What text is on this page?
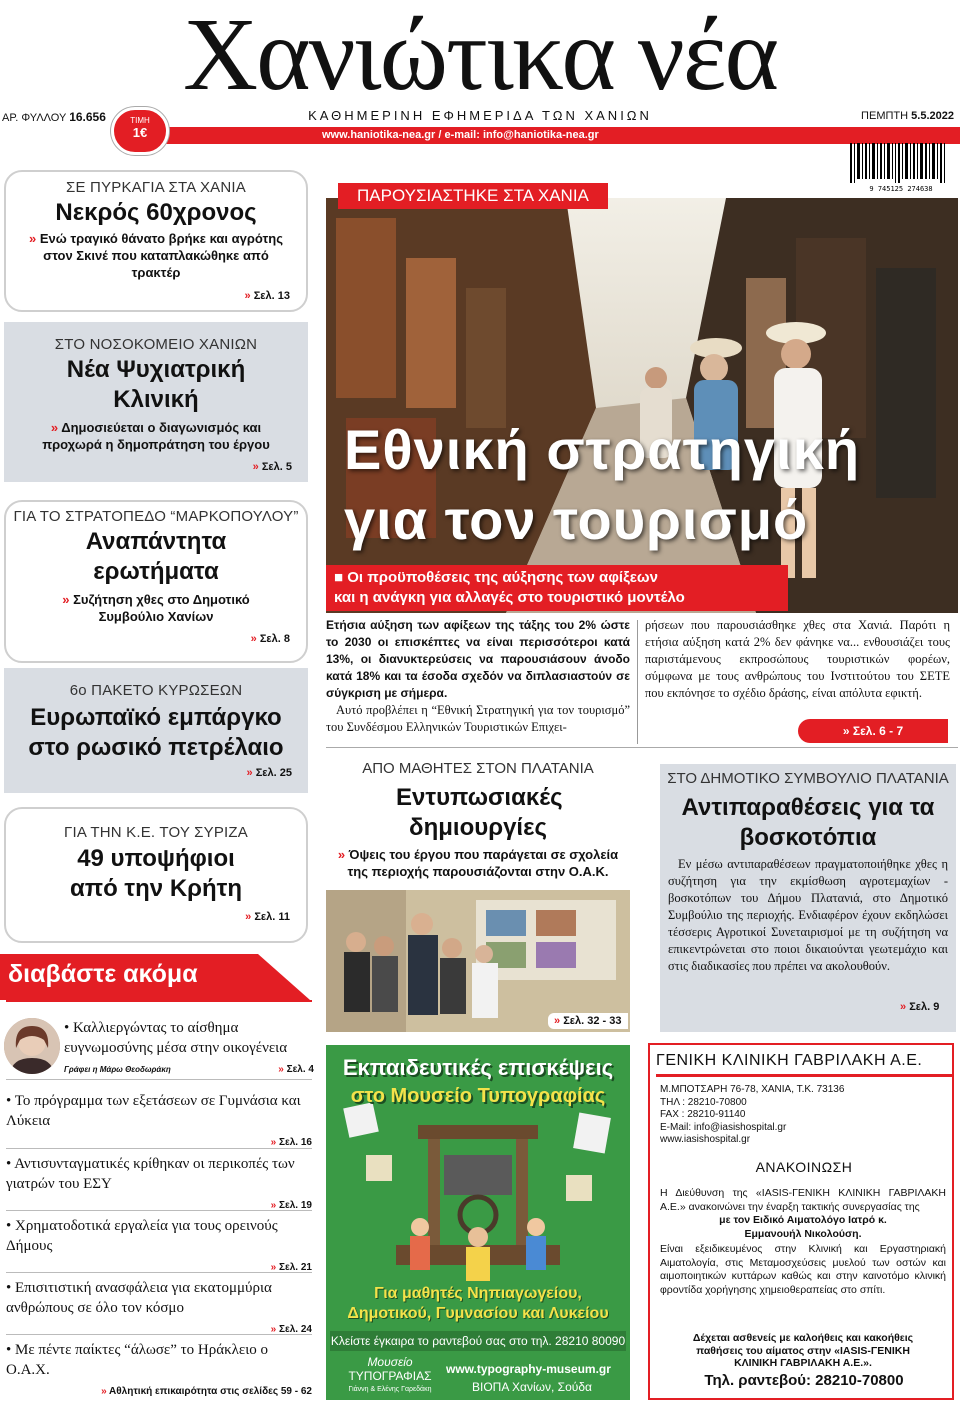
Χανιώτικα νέα
ΑΡ. ΦΥΛΛΟΥ 16.656	ΚΑΘΗΜΕΡΙΝΗ ΕΦΗΜΕΡΙΔΑ ΤΩΝ ΧΑΝΙΩΝ	ΠΕΜΠΤΗ 5.5.2022
www.haniotika-nea.gr / e-mail: info@haniotika-nea.gr
ΤΙΜΗ
1€
9 745125 274638
ΣΕ ΠΥΡΚΑΓΙΑ ΣΤΑ ΧΑΝΙΑ
Νεκρός 60χρονος
» Ενώ τραγικό θάνατο βρήκε και αγρότης στον Σκινέ που καταπλακώθηκε από τρακτέρ
» Σελ. 13
ΣΤΟ ΝΟΣΟΚΟΜΕΙΟ ΧΑΝΙΩΝ
Νέα Ψυχιατρική Κλινική
» Δημοσιεύεται ο διαγωνισμός και προχωρά η δημοπράτηση του έργου
» Σελ. 5
ΓΙΑ ΤΟ ΣΤΡΑΤΟΠΕΔΟ “ΜΑΡΚΟΠΟΥΛΟΥ”
Αναπάντητα ερωτήματα
» Συζήτηση χθες στο Δημοτικό Συμβούλιο Χανίων
» Σελ. 8
6ο ΠΑΚΕΤΟ ΚΥΡΩΣΕΩΝ
Ευρωπαϊκό εμπάργκο στο ρωσικό πετρέλαιο
» Σελ. 25
ΓΙΑ ΤΗΝ Κ.Ε. ΤΟΥ ΣΥΡΙΖΑ
49 υποψήφιοι από την Κρήτη
» Σελ. 11
διαβάστε ακόμα
• Καλλιεργώντας το αίσθημα ευγνωμοσύνης μέσα στην οικογένεια
» Γράφει η Μάρω Θεοδωράκη	Σελ. 4
• Το πρόγραμμα των εξετάσεων σε Γυμνάσια και Λύκεια
» Σελ. 16
• Αντισυνταγματικές κρίθηκαν οι περικοπές των γιατρών του ΕΣΥ
» Σελ. 19
• Χρηματοδοτικά εργαλεία για τους ορεινούς Δήμους
» Σελ. 21
• Επισιτιστική ανασφάλεια για εκατομμύρια ανθρώπους σε όλο τον κόσμο
» Σελ. 24
• Με πέντε παίκτες “άλωσε” το Ηράκλειο ο Ο.Α.Χ.
» Αθλητική επικαιρότητα στις σελίδες 59 - 62
ΠΑΡΟΥΣΙΑΣΤΗΚΕ ΣΤΑ ΧΑΝΙΑ
Εθνική στρατηγική
για τον τουρισμό
■ Οι προϋποθέσεις της αύξησης των αφίξεων
και η ανάγκη για αλλαγές στο τουριστικό μοντέλο
Ετήσια αύξηση των αφίξεων της τάξης του 2% ώστε το 2030 οι επισκέπτες να είναι περισσότεροι κατά 13%, οι διανυκτερεύσεις να παρουσιάσουν άνοδο κατά 18% και τα έσοδα σχεδόν να διπλασιαστούν σε σύγκριση με σήμερα.
Αυτό προβλέπει η “Εθνική Στρατηγική για τον τουρισμό” του Συνδέσμου Ελληνικών Τουριστικών Επιχει-
ρήσεων που παρουσιάσθηκε χθες στα Χανιά. Παρότι η ετήσια αύξηση κατά 2% δεν φάνηκε να... ενθουσιάζει τους παριστάμενους εκπροσώπους τουριστικών φορέων, σύμφωνα με τους ανθρώπους του Ινστιτούτου του ΣΕΤΕ που εκπόνησε το σχέδιο δράσης, είναι απόλυτα εφικτή.
» Σελ. 6 - 7
ΑΠΟ ΜΑΘΗΤΕΣ ΣΤΟΝ ΠΛΑΤΑΝΙΑ
Εντυπωσιακές δημιουργίες
» Όψεις του έργου που παράγεται σε σχολεία της περιοχής παρουσιάζονται στην Ο.Α.Κ.
» Σελ. 32 - 33
ΣΤΟ ΔΗΜΟΤΙΚΟ ΣΥΜΒΟΥΛΙΟ ΠΛΑΤΑΝΙΑ
Αντιπαραθέσεις για τα βοσκοτόπια
Εν μέσω αντιπαραθέσεων πραγματοποιήθηκε χθες η συζήτηση για την εκμίσθωση αγροτεμαχίων - βοσκοτόπων του Δήμου Πλατανιά, στο Δημοτικό Συμβούλιο της περιοχής. Ενδιαφέρον έχουν εκδηλώσει τέσσερις Αγροτικοί Συνεταιρισμοί με τη συζήτηση να επικεντρώνεται στο ποιοι δικαιούνται γεωτεμάχιο και στις διαδικασίες που πρέπει να ακολουθούν.
» Σελ. 9
Εκπαιδευτικές επισκέψεις
στο Μουσείο Τυπογραφίας
Για μαθητές Νηπιαγωγείου, Δημοτικού, Γυμνασίου και Λυκείου
Κλείστε έγκαιρα το ραντεβού σας στο τηλ. 28210 80090
Μουσείο
ΤΥΠΟΓΡΑΦΙΑΣ
Γιάννη & Ελένης Γαρεδάκη
www.typography-museum.gr
ΒΙΟΠΑ Χανίων, Σούδα
ΓΕΝΙΚΗ ΚΛΙΝΙΚΗ ΓΑΒΡΙΛΑΚΗ Α.Ε.
Μ.ΜΠΟΤΣΑΡΗ 76-78, ΧΑΝΙΑ, Τ.Κ. 73136
ΤΗΛ : 28210-70800
FAX : 28210-91140
E-Mail: info@iasishospital.gr
www.iasishospital.gr
ΑΝΑΚΟΙΝΩΣΗ
Η Διεύθυνση της «IASIS-ΓΕΝΙΚΗ ΚΛΙΝΙΚΗ ΓΑΒΡΙΛΑΚΗ Α.Ε.» ανακοινώνει την έναρξη τακτικής συνεργασίας της
με τον Ειδικό Αιματολόγο Ιατρό κ. Εμμανουήλ Νικολούση.
Είναι εξειδικευμένος στην Κλινική και Εργαστηριακή Αιματολογία, στις Μεταμοσχεύσεις μυελού των οστών και αιμοποιητικών κυττάρων καθώς και στην καινοτόμο κλινική φροντίδα χορήγησης χημειοθεραπείας στο σπίτι.
Δέχεται ασθενείς με καλοήθεις και κακοήθεις παθήσεις του αίματος στην «IASIS-ΓΕΝΙΚΗ ΚΛΙΝΙΚΗ ΓΑΒΡΙΛΑΚΗ Α.Ε.».
Τηλ. ραντεβού: 28210-70800
